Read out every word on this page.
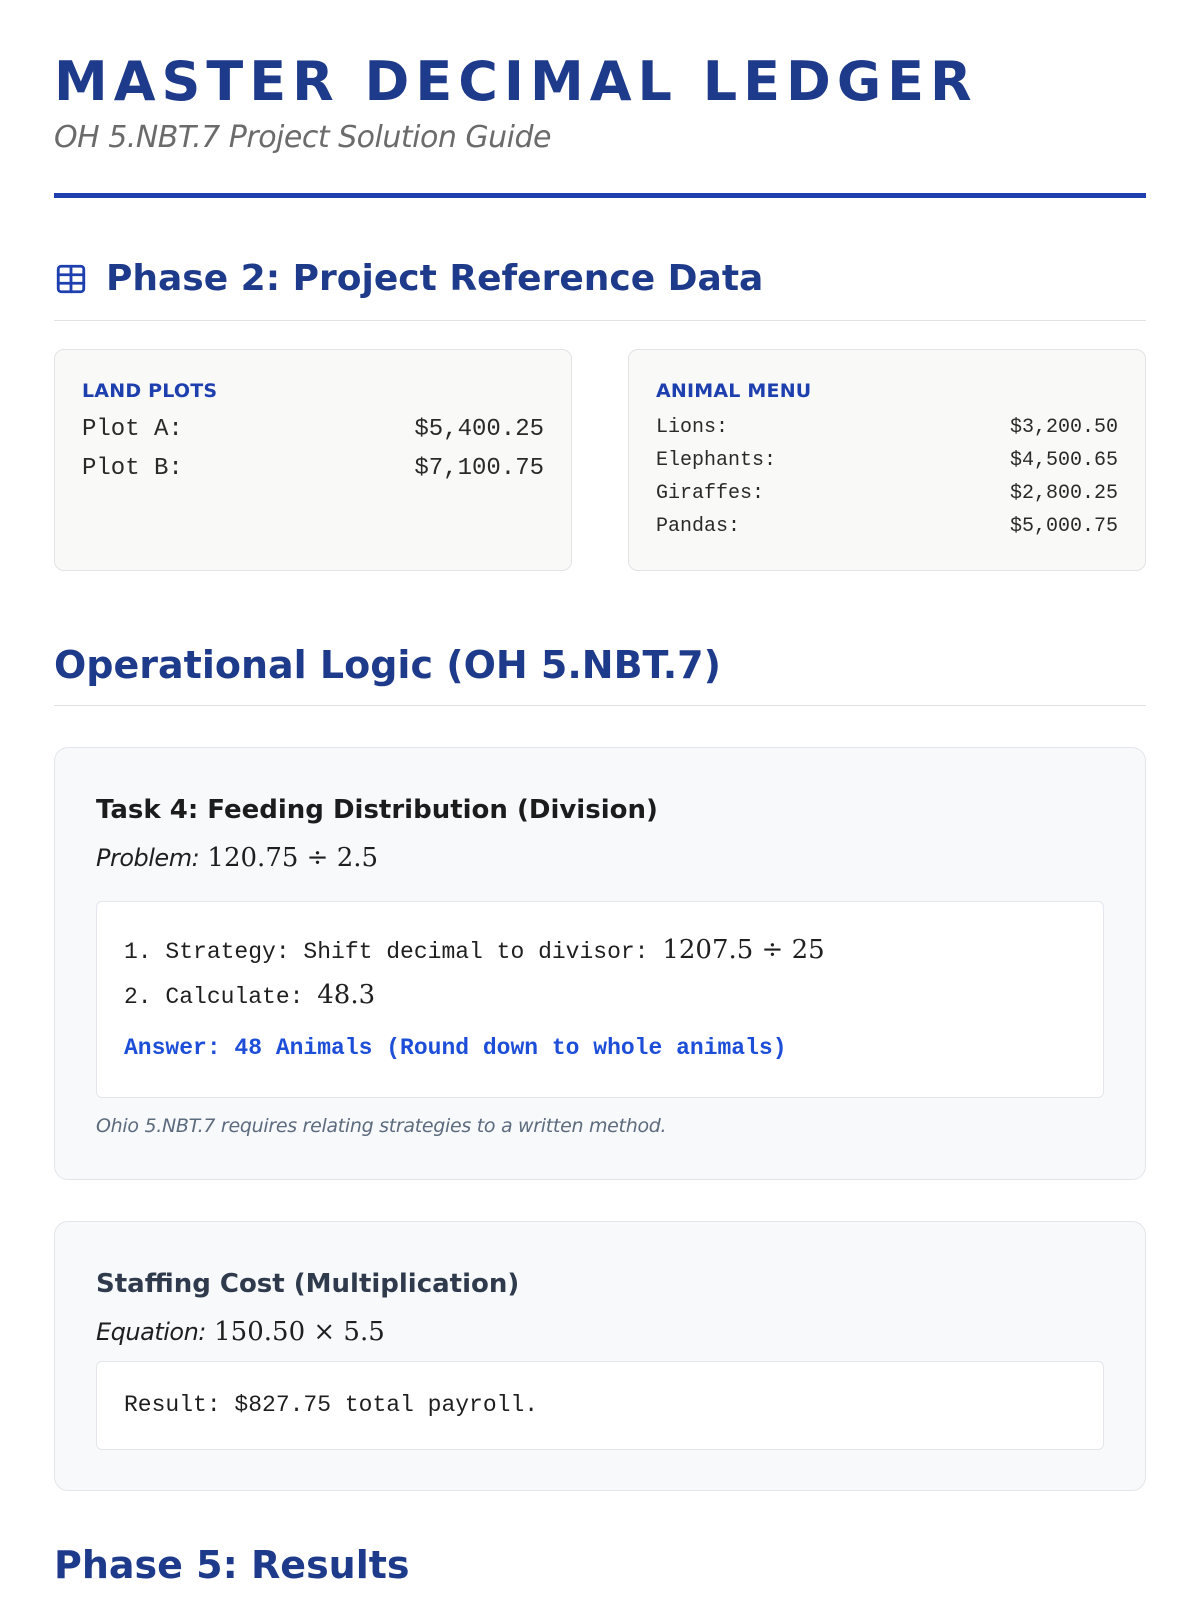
MASTER DECIMAL LEDGER
OH 5.NBT.7 Project Solution Guide
Phase 2: Project Reference Data
LAND PLOTS
Plot A:	$5,400.25
Plot B:	$7,100.75
ANIMAL MENU
Lions:	$3,200.50
Elephants:	$4,500.65
Giraffes:	$2,800.25
Pandas:	$5,000.75
Operational Logic (OH 5.NBT.7)
Task 4: Feeding Distribution (Division)
Problem: 120.75 ÷ 2.5
1. Strategy: Shift decimal to divisor: 1207.5 ÷ 25
2. Calculate: 48.3
Answer: 48 Animals (Round down to whole animals)
Ohio 5.NBT.7 requires relating strategies to a written method.
Staffing Cost (Multiplication)
Equation: 150.50 × 5.5
Result: $827.75 total payroll.
Phase 5: Results
